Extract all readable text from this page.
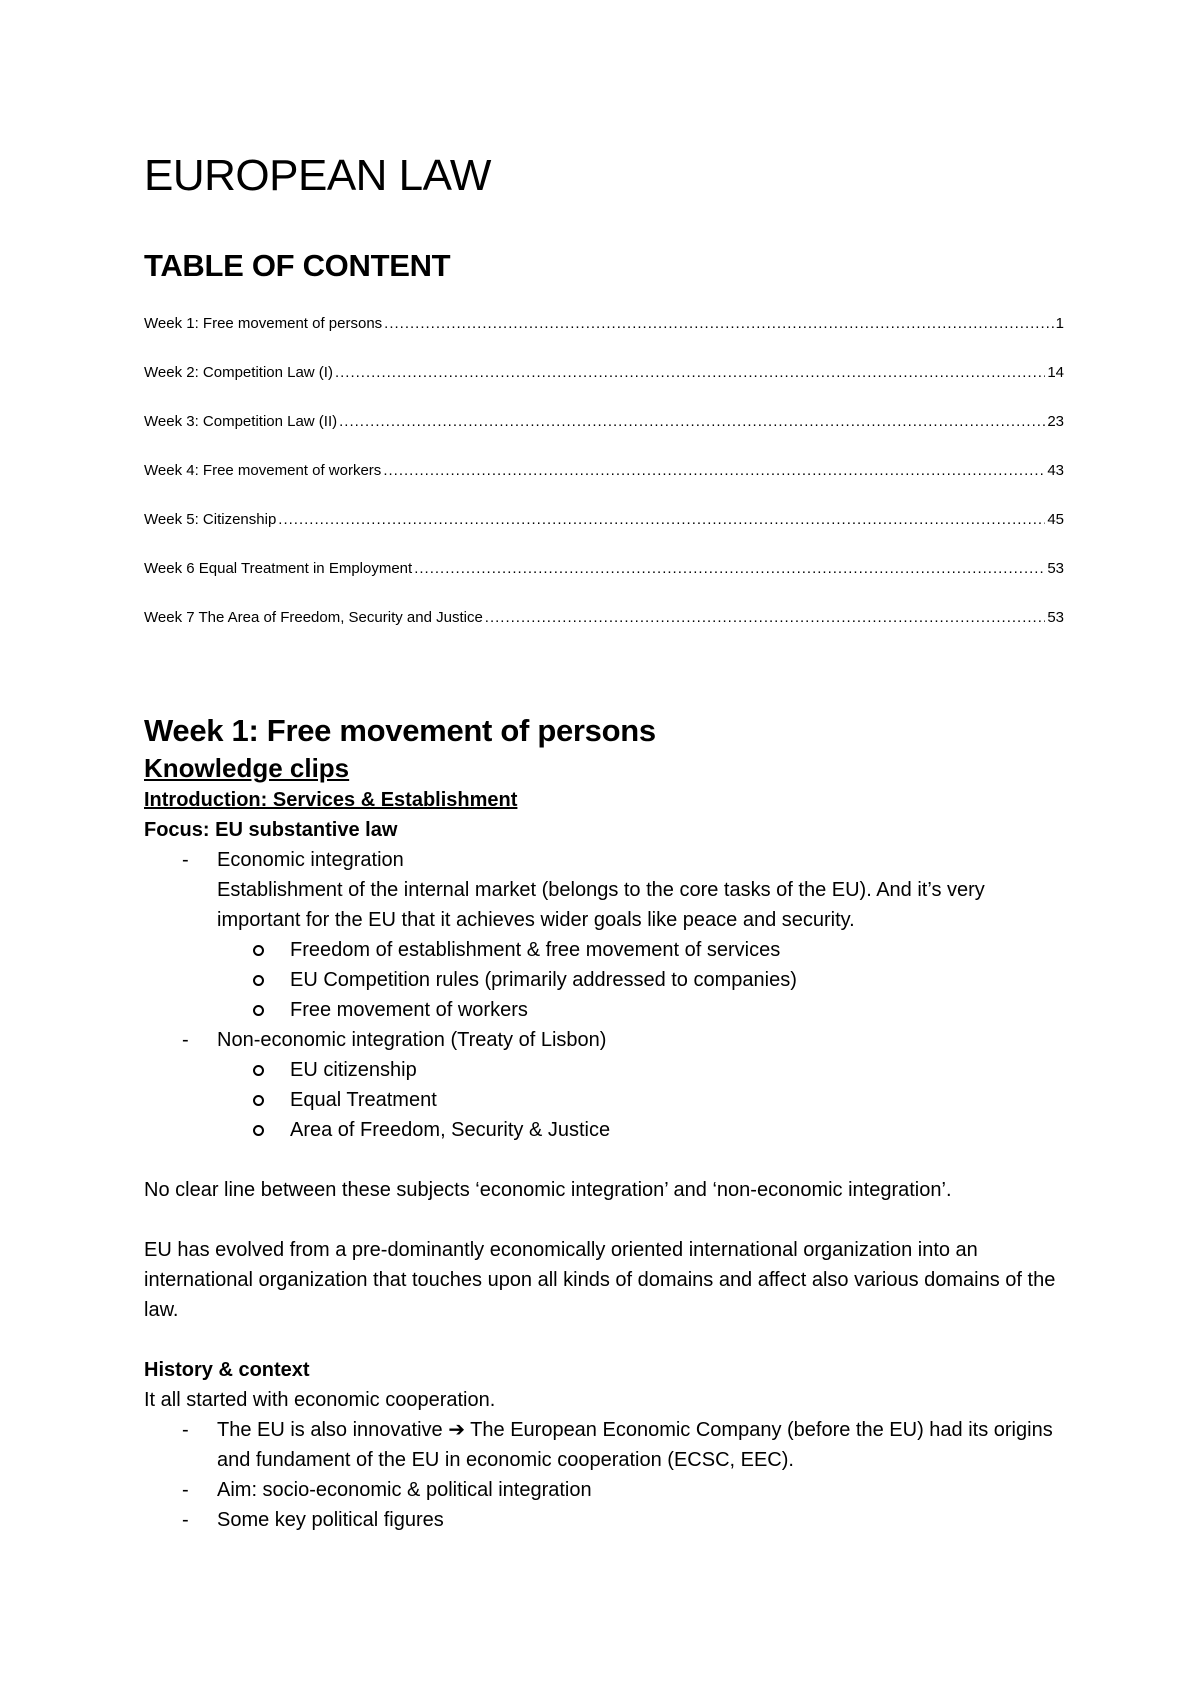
EUROPEAN LAW
TABLE OF CONTENT
Week 1: Free movement of persons .....	1
Week 2: Competition Law (I) .....	14
Week 3: Competition Law (II) .....	23
Week 4: Free movement of workers .....	43
Week 5: Citizenship .....	45
Week 6 Equal Treatment in Employment .....	53
Week 7 The Area of Freedom, Security and Justice .....	53
Week 1: Free movement of persons
Knowledge clips
Introduction: Services & Establishment

Focus: EU substantive law

- Economic integration
Establishment of the internal market (belongs to the core tasks of the EU). And it’s very important for the EU that it achieves wider goals like peace and security.
Freedom of establishment & free movement of services
EU Competition rules (primarily addressed to companies)
Free movement of workers
- Non-economic integration (Treaty of Lisbon)
EU citizenship
Equal Treatment
Area of Freedom, Security & Justice

No clear line between these subjects ‘economic integration’ and ‘non-economic integration’.

EU has evolved from a pre-dominantly economically oriented international organization into an international organization that touches upon all kinds of domains and affect also various domains of the law.

History & context

It all started with economic cooperation.

- The EU is also innovative ➔ The European Economic Company (before the EU) had its origins and fundament of the EU in economic cooperation (ECSC, EEC).
- Aim: socio-economic & political integration
- Some key political figures
